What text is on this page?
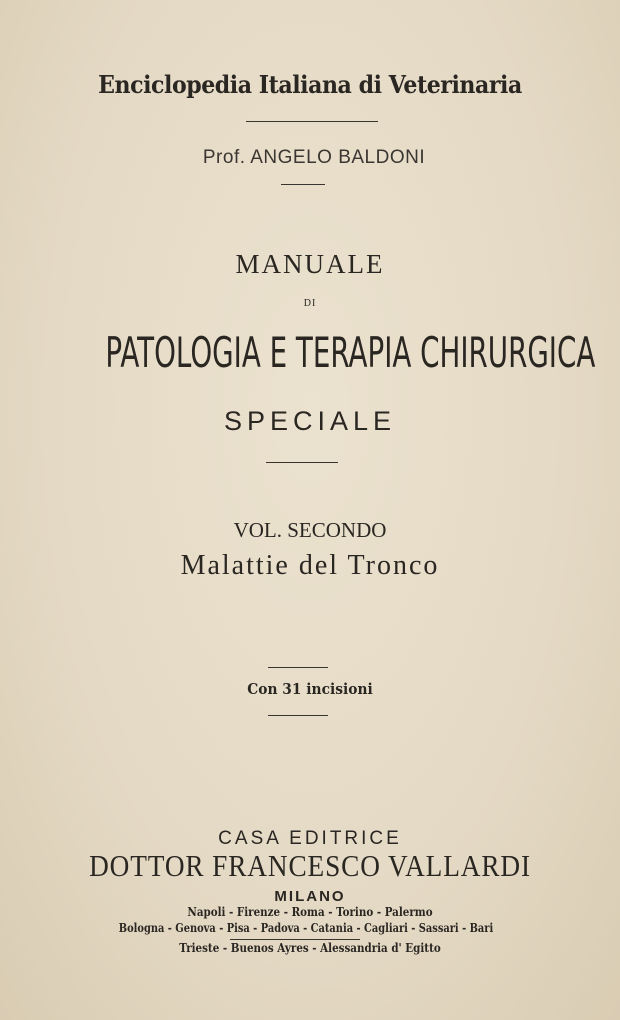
Enciclopedia Italiana di Veterinaria
Prof. ANGELO BALDONI
MANUALE
DI
PATOLOGIA E TERAPIA CHIRURGICA
SPECIALE
VOL. SECONDO
Malattie del Tronco
Con 31 incisioni
CASA EDITRICE
DOTTOR FRANCESCO VALLARDI
MILANO
Napoli - Firenze - Roma - Torino - Palermo
Bologna - Genova - Pisa - Padova - Catania - Cagliari - Sassari - Bari
Trieste - Buenos Ayres - Alessandria d' Egitto
